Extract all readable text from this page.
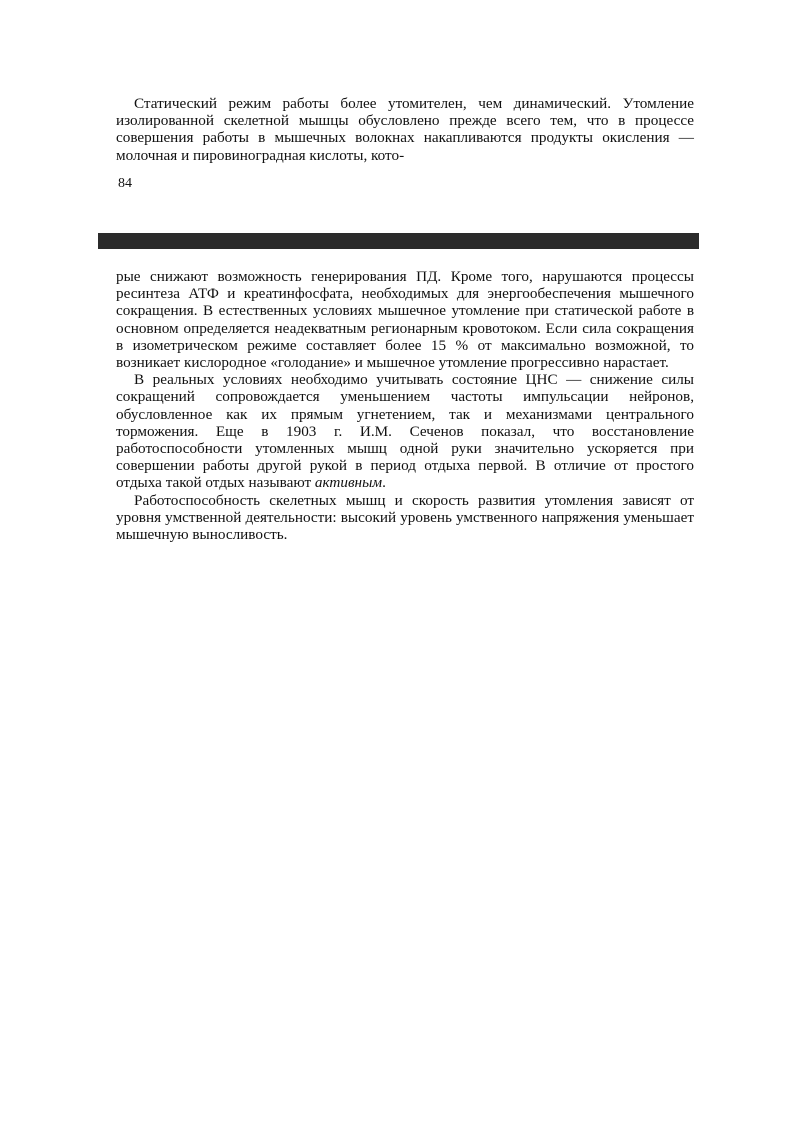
Статический режим работы более утомителен, чем динамический. Утомление изолированной скелетной мышцы обусловлено прежде всего тем, что в процессе совершения работы в мышечных волокнах накапливаются продукты окисления — молочная и пировиноградная кислоты, кото-

84

рые снижают возможность генерирования ПД. Кроме того, нарушаются процессы ресинтеза АТФ и креатинфосфата, необходимых для энергообеспечения мышечного сокращения. В естественных условиях мышечное утомление при статической работе в основном определяется неадекватным регионарным кровотоком. Если сила сокращения в изометрическом режиме составляет более 15 % от максимально возможной, то возникает кислородное «голодание» и мышечное утомление прогрессивно нарастает.

В реальных условиях необходимо учитывать состояние ЦНС — снижение силы сокращений сопровождается уменьшением частоты импульсации нейронов, обусловленное как их прямым угнетением, так и механизмами центрального торможения. Еще в 1903 г. И.М. Сеченов показал, что восстановление работоспособности утомленных мышц одной руки значительно ускоряется при совершении работы другой рукой в период отдыха первой. В отличие от простого отдыха такой отдых называют активным.

Работоспособность скелетных мышц и скорость развития утомления зависят от уровня умственной деятельности: высокий уровень умственного напряжения уменьшает мышечную выносливость.
